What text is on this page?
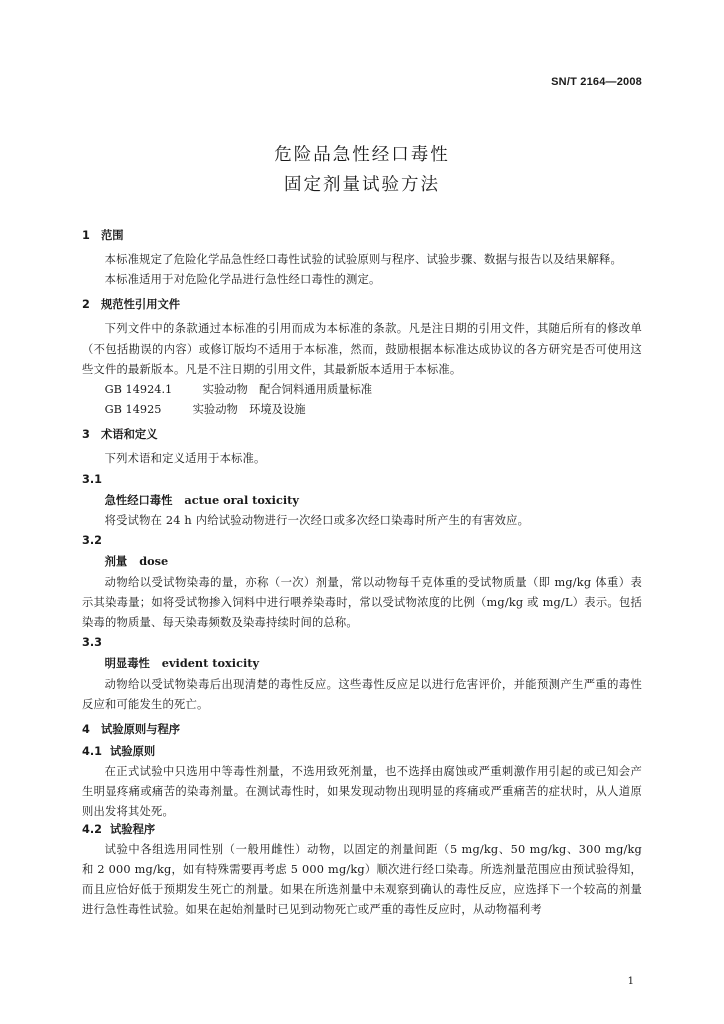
SN/T 2164—2008
危险品急性经口毒性
固定剂量试验方法
1 范围
本标准规定了危险化学品急性经口毒性试验的试验原则与程序、试验步骤、数据与报告以及结果解释。
本标准适用于对危险化学品进行急性经口毒性的测定。
2 规范性引用文件
下列文件中的条款通过本标准的引用而成为本标准的条款。凡是注日期的引用文件，其随后所有的修改单（不包括勘误的内容）或修订版均不适用于本标准，然而，鼓励根据本标准达成协议的各方研究是否可使用这些文件的最新版本。凡是不注日期的引用文件，其最新版本适用于本标准。
GB 14924.1	实验动物　配合饲料通用质量标准
GB 14925	实验动物　环境及设施
3 术语和定义
下列术语和定义适用于本标准。
3.1
急性经口毒性 actue oral toxicity
将受试物在 24 h 内给试验动物进行一次经口或多次经口染毒时所产生的有害效应。
3.2
剂量 dose
动物给以受试物染毒的量，亦称（一次）剂量，常以动物每千克体重的受试物质量（即 mg/kg 体重）表示其染毒量；如将受试物掺入饲料中进行喂养染毒时，常以受试物浓度的比例（mg/kg 或 mg/L）表示。包括染毒的物质量、每天染毒频数及染毒持续时间的总称。
3.3
明显毒性 evident toxicity
动物给以受试物染毒后出现清楚的毒性反应。这些毒性反应足以进行危害评价，并能预测产生严重的毒性反应和可能发生的死亡。
4 试验原则与程序
4.1 试验原则
在正式试验中只选用中等毒性剂量，不选用致死剂量，也不选择由腐蚀或严重刺激作用引起的或已知会产生明显疼痛或痛苦的染毒剂量。在测试毒性时，如果发现动物出现明显的疼痛或严重痛苦的症状时，从人道原则出发将其处死。
4.2 试验程序
试验中各组选用同性别（一般用雌性）动物，以固定的剂量间距（5 mg/kg、50 mg/kg、300 mg/kg 和 2 000 mg/kg，如有特殊需要再考虑 5 000 mg/kg）顺次进行经口染毒。所选剂量范围应由预试验得知，而且应恰好低于预期发生死亡的剂量。如果在所选剂量中未观察到确认的毒性反应，应选择下一个较高的剂量进行急性毒性试验。如果在起始剂量时已见到动物死亡或严重的毒性反应时，从动物福利考
1
